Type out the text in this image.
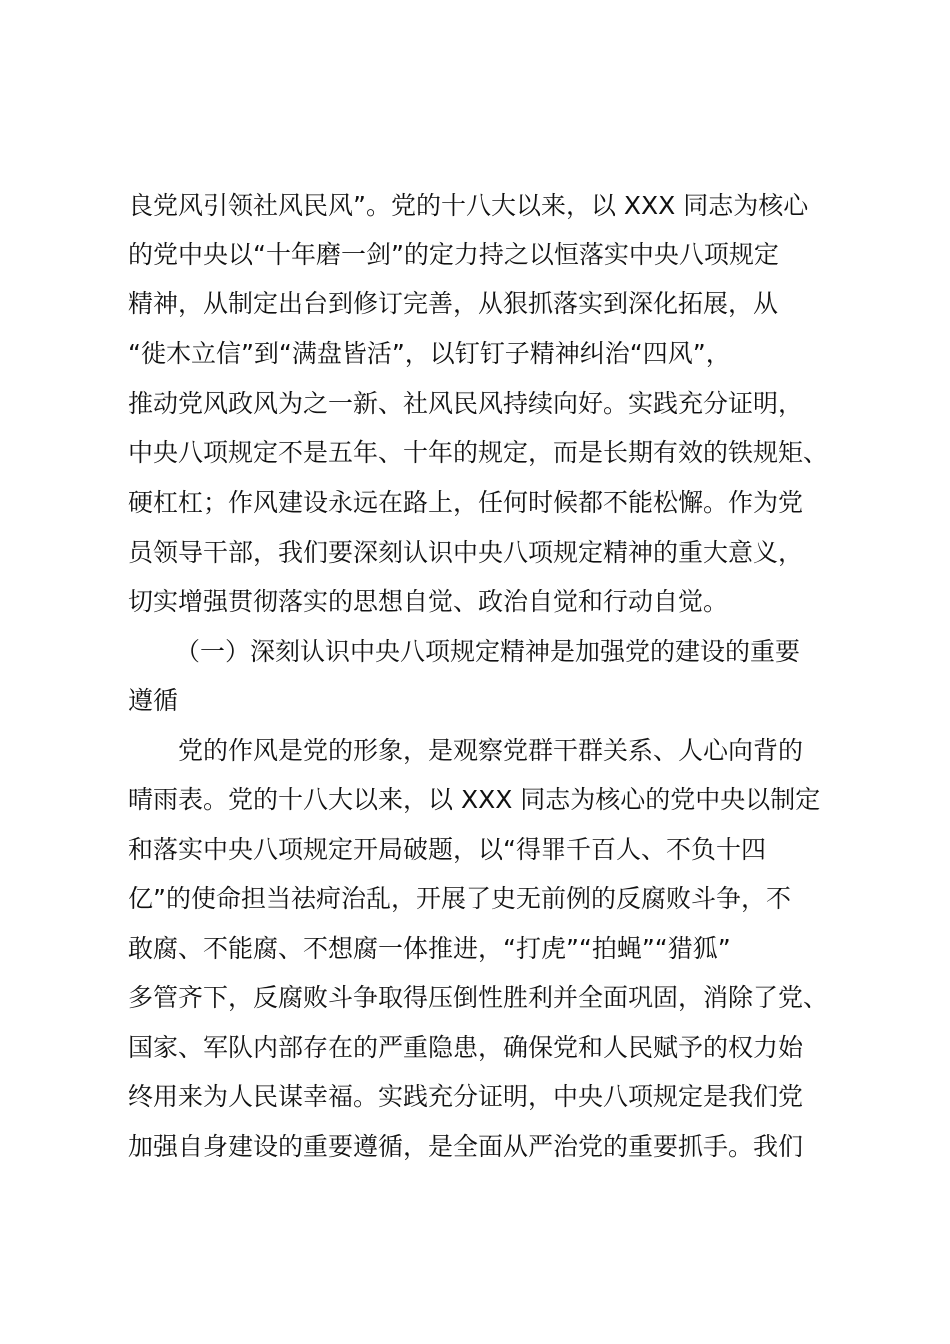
良党风引领社风民风”。党的十八大以来，以 XXX 同志为核心

的党中央以“十年磨一剑”的定力持之以恒落实中央八项规定

精神，从制定出台到修订完善，从狠抓落实到深化拓展，从

“徙木立信”到“满盘皆活”，以钉钉子精神纠治“四风”，

推动党风政风为之一新、社风民风持续向好。实践充分证明，

中央八项规定不是五年、十年的规定，而是长期有效的铁规矩、

硬杠杠；作风建设永远在路上，任何时候都不能松懈。作为党

员领导干部，我们要深刻认识中央八项规定精神的重大意义，

切实增强贯彻落实的思想自觉、政治自觉和行动自觉。

（一）深刻认识中央八项规定精神是加强党的建设的重要

遵循

党的作风是党的形象，是观察党群干群关系、人心向背的

晴雨表。党的十八大以来，以 XXX 同志为核心的党中央以制定

和落实中央八项规定开局破题，以“得罪千百人、不负十四

亿”的使命担当祛疴治乱，开展了史无前例的反腐败斗争，不

敢腐、不能腐、不想腐一体推进，“打虎”“拍蝇”“猎狐”

多管齐下，反腐败斗争取得压倒性胜利并全面巩固，消除了党、

国家、军队内部存在的严重隐患，确保党和人民赋予的权力始

终用来为人民谋幸福。实践充分证明，中央八项规定是我们党

加强自身建设的重要遵循，是全面从严治党的重要抓手。我们
